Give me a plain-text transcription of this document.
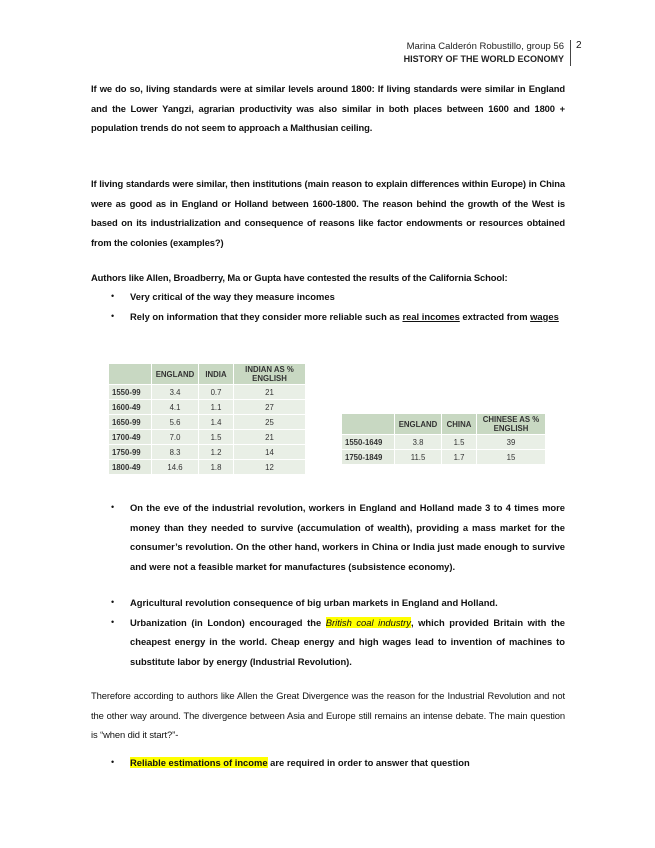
Marina Calderón Robustillo, group 56
HISTORY OF THE WORLD ECONOMY
2
If we do so, living standards were at similar levels around 1800: If living standards were similar in England and the Lower Yangzi, agrarian productivity was also similar in both places between 1600 and 1800 + population trends do not seem to approach a Malthusian ceiling.
If living standards were similar, then institutions (main reason to explain differences within Europe) in China were as good as in England or Holland between 1600-1800. The reason behind the growth of the West is based on its industrialization and consequence of reasons like factor endowments or resources obtained from the colonies (examples?)
Authors like Allen, Broadberry, Ma or Gupta have contested the results of the California School:
• Very critical of the way they measure incomes
• Rely on information that they consider more reliable such as real incomes extracted from wages
	ENGLAND	INDIA	INDIAN AS % ENGLISH
1550-99	3.4	0.7	21
1600-49	4.1	1.1	27
1650-99	5.6	1.4	25
1700-49	7.0	1.5	21
1750-99	8.3	1.2	14
1800-49	14.6	1.8	12
	ENGLAND	CHINA	CHINESE AS % ENGLISH
1550-1649	3.8	1.5	39
1750-1849	11.5	1.7	15
• On the eve of the industrial revolution, workers in England and Holland made 3 to 4 times more money than they needed to survive (accumulation of wealth), providing a mass market for the consumer’s revolution. On the other hand, workers in China or India just made enough to survive and were not a feasible market for manufactures (subsistence economy).
• Agricultural revolution consequence of big urban markets in England and Holland.
• Urbanization (in London) encouraged the British coal industry, which provided Britain with the cheapest energy in the world. Cheap energy and high wages lead to invention of machines to substitute labor by energy (Industrial Revolution).
Therefore according to authors like Allen the Great Divergence was the reason for the Industrial Revolution and not the other way around. The divergence between Asia and Europe still remains an intense debate. The main question is “when did it start?”-
• Reliable estimations of income are required in order to answer that question
